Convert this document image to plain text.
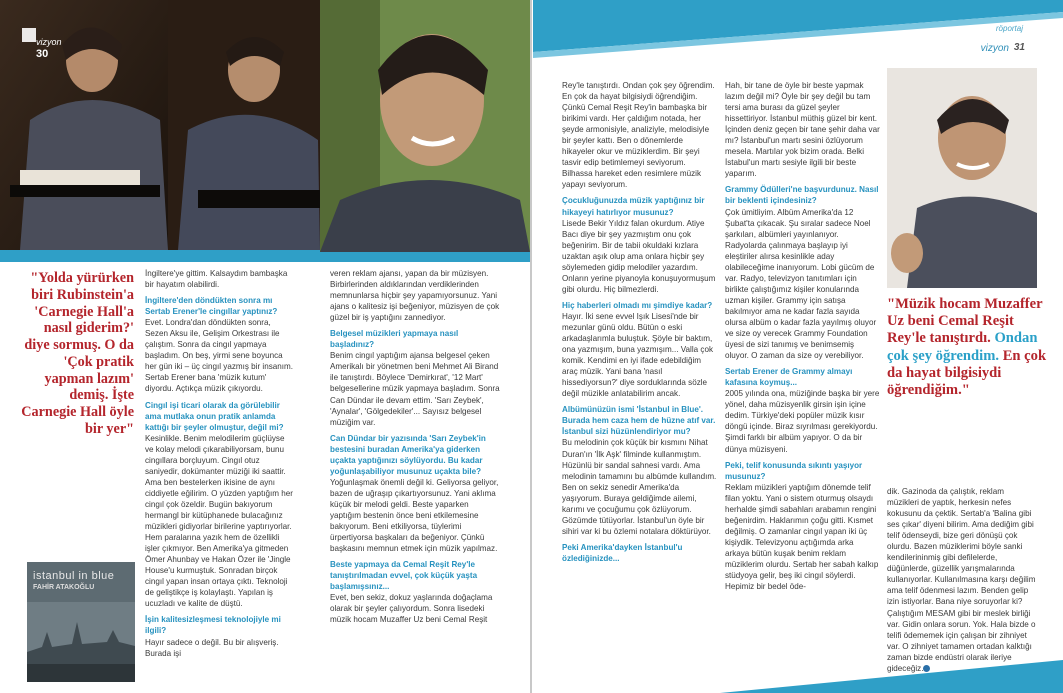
vizyon
30
"Yolda yürürken biri Rubinstein'a 'Carnegie Hall'a nasıl giderim?' diye sormuş. O da 'Çok pratik yapman lazım' demiş. İşte Carnegie Hall öyle bir yer"
istanbul in blue
FAHİR ATAKOĞLU

İngiltere'ye gittim. Kalsaydım bambaşka bir hayatım olabilirdi.

İngiltere'den döndükten sonra mı Sertab Erener'le cingıllar yaptınız?

Evet. Londra'dan döndükten sonra, Sezen Aksu ile, Gelişim Orkestrası ile çalıştım. Sonra da cingıl yapmaya başladım. On beş, yirmi sene boyunca her gün iki – üç cingıl yazmış bir insanım. Sertab Erener bana 'müzik kutum' diyordu. Açtıkça müzik çıkıyordu.

Cingıl işi ticari olarak da görülebilir ama mutlaka onun pratik anlamda kattığı bir şeyler olmuştur, değil mi?

Kesinlikle. Benim melodilerim güçlüyse ve kolay melodi çıkarabiliyorsam, bunu cingıllara borçluyum. Cingıl otuz saniyedir, dokümanter müziği iki saattir. Ama ben bestelerken ikisine de aynı ciddiyetle eğilirim. O yüzden yaptığım her cingıl çok özeldir. Bugün bakıyorum hermangl bir kütüphanede bulacağınız müzikleri gidiyorlar birilerine yaptırıyorlar. Hem paralarına yazık hem de özellikli işler çıkmıyor. Ben Amerika'ya gitmeden Ömer Ahunbay ve Hakan Özer ile 'Jingle House'u kurmuştuk. Sonradan birçok cingıl yapan insan ortaya çıktı. Teknoloji de geliştikçe iş kolaylaştı. Yapılan iş ucuzladı ve kalite de düştü.

İşin kalitesizleşmesi teknolojiyle mi ilgili?

Hayır sadece o değil. Bu bir alışveriş. Burada işi

veren reklam ajansı, yapan da bir müzisyen. Birbirlerinden aldıklarından verdiklerinden memnunlarsa hiçbir şey yapamıyorsunuz. Yani ajans o kalitesiz işi beğeniyor, müzisyen de çok güzel bir iş yaptığını zannediyor.

Belgesel müzikleri yapmaya nasıl başladınız?

Benim cingıl yaptığım ajansa belgesel çeken Amerikalı bir yönetmen beni Mehmet Ali Birand ile tanıştırdı. Böylece 'Demirkırat', '12 Mart' belgesellerine müzik yapmaya başladım. Sonra Can Dündar ile devam ettim. 'Sarı Zeybek', 'Aynalar', 'Gölgedekiler'... Sayısız belgesel müziğim var.

Can Dündar bir yazısında 'Sarı Zeybek'in bestesini buradan Amerika'ya giderken uçakta yaptığınızı söylüyordu. Bu kadar yoğunlaşabiliyor musunuz uçakta bile?

Yoğunlaşmak önemli değil ki. Geliyorsa geliyor, bazen de uğraşıp çıkartıyorsunuz. Yani aklıma küçük bir melodi geldi. Beste yaparken yaptığım bestenin önce beni etkilemesine bakıyorum. Beni etkiliyorsa, tüylerimi ürpertiyorsa başkaları da beğeniyor. Çünkü başkasını memnun etmek için müzik yapılmaz.

Beste yapmaya da Cemal Reşit Rey'le tanıştırılmadan evvel, çok küçük yaşta başlamışsınız...

Evet, ben sekiz, dokuz yaşlarında doğaçlama olarak bir şeyler çalıyordum. Sonra lisedeki müzik hocam Muzaffer Uz beni Cemal Reşit

Rey'le tanıştırdı. Ondan çok şey öğrendim. En çok da hayat bilgisiydi öğrendiğim. Çünkü Cemal Reşit Rey'in bambaşka bir birikimi vardı. Her çaldığım notada, her şeyde armonisiyle, analiziyle, melodisiyle bir şeyler kattı. Ben o dönemlerde hikayeler okur ve müziklerdim. Bir şeyi tasvir edip betimlemeyi seviyorum. Bilhassa hareket eden resimlere müzik yapayı seviyorum.

Çocukluğunuzda müzik yaptığınız bir hikayeyi hatırlıyor musunuz?

Lisede Bekir Yıldız falan okurdum. Atiye Bacı diye bir şey yazmıştım onu çok beğenirim. Bir de tabii okuldaki kızlara uzaktan aşık olup ama onlara hiçbir şey söylemeden gidip melodiler yazardım. Onların yerine piyanoyla konuşuyormuşum gibi olurdu. Hiç bilmezlerdi.

Hiç haberleri olmadı mı şimdiye kadar?

Hayır. İki sene evvel Işık Lisesi'nde bir mezunlar günü oldu. Bütün o eski arkadaşlarımla buluştuk. Şöyle bir baktım, ona yazmışım, buna yazmışım... Valla çok komik. Kendimi en iyi ifade edebildiğim araç müzik. Yani bana 'nasıl hissediyorsun?' diye sorduklarında sözle değil müzikle anlatabilirim ancak.

Albümünüzün ismi 'İstanbul in Blue'. Burada hem caza hem de hüzne atıf var. İstanbul sizi hüzünlendiriyor mu?

Bu melodinin çok küçük bir kısmını Nihat Duran'ın 'İlk Aşk' filminde kullanmıştım. Hüzünlü bir sandal sahnesi vardı. Ama melodinin tamamını bu albümde kullandım. Ben on sekiz senedir Amerika'da yaşıyorum. Buraya geldiğimde ailemi, karımı ve çocuğumu çok özlüyorum. Gözümde tütüyorlar. İstanbul'un öyle bir sihiri var ki bu özlemi notalara döktürüyor.

Peki Amerika'dayken İstanbul'u özlediğinizde...

Hah, bir tane de öyle bir beste yapmak lazım değil mi? Öyle bir şey değil bu tam tersi ama burası da güzel şeyler hissettiriyor. İstanbul müthiş güzel bir kent. İçinden deniz geçen bir tane şehir daha var mı? İstanbul'un martı sesini özlüyorum mesela. Martılar yok bizim orada. Belki İstabul'un martı sesiyle ilgili bir beste yaparım.

Grammy Ödülleri'ne başvurdunuz. Nasıl bir beklenti içindesiniz?

Çok ümitliyim. Albüm Amerika'da 12 Şubat'ta çıkacak. Şu sıralar sadece Noel şarkıları, albümleri yayınlanıyor. Radyolarda çalınmaya başlayıp iyi eleştiriler alırsa kesinlikle aday olabileceğime inanıyorum. Lobi gücüm de var. Radyo, televizyon tanıtımları için birlikte çalıştığımız kişiler konularında uzman kişiler. Grammy için satışa bakılmıyor ama ne kadar fazla sayıda olursa albüm o kadar fazla yayılmış oluyor ve size oy verecek Grammy Foundation üyesi de sizi tanımış ve benimsemiş oluyor. O zaman da size oy verebiliyor.

Sertab Erener de Grammy almayı kafasına koymuş...

2005 yılında ona, müziğinde başka bir yere yönel, daha müzisyenlik girsin işin içine dedim. Türkiye'deki popüler müzik kısır döngü içinde. Biraz sıyrılması gerekiyordu. Şimdi farklı bir albüm yapıyor. O da bir dünya müzisyeni.

Peki, telif konusunda sıkıntı yaşıyor musunuz?

Reklam müzikleri yaptığım dönemde telif filan yoktu. Yani o sistem oturmuş olsaydı herhalde şimdi sabahları arabamın rengini beğenirdim. Haklarımın çoğu gitti. Kısmet değilmiş. O zamanlar cingıl yapan iki üç kişiydik. Televizyonu açtığımda arka arkaya bütün kuşak benim reklam müziklerim olurdu. Sertab her sabah kalkıp stüdyoya gelir, beş iki cingıl söylerdi. Hepimiz bir bedel öde-

dik. Gazinoda da çalıştık, reklam müzikleri de yaptık, herkesin nefes kokusunu da çektik. Sertab'a 'Balina gibi ses çıkar' diyeni bilirim. Ama dediğim gibi telif ödenseydi, bize geri dönüşü çok olurdu. Bazen müziklerimi böyle sanki kendilerininmiş gibi defilelerde, düğünlerde, güzellik yarışmalarında kullanıyorlar. Kullanılmasına karşı değilim ama telif ödenmesi lazım. Benden gelip izin istiyorlar. Bana niye soruyorlar ki? Çalıştığım MESAM gibi bir meslek birliği var. Gidin onlara sorun. Yok. Hala bizde o telifi ödememek için çalışan bir zihniyet var. O zihniyet tamamen ortadan kalktığı zaman bizde endüstri olarak ileriye gideceğiz.

röportaj
vizyon 31
"Müzik hocam Muzaffer Uz beni Cemal Reşit Rey'le tanıştırdı. Ondan çok şey öğrendim. En çok da hayat bilgisiydi öğrendiğim."
